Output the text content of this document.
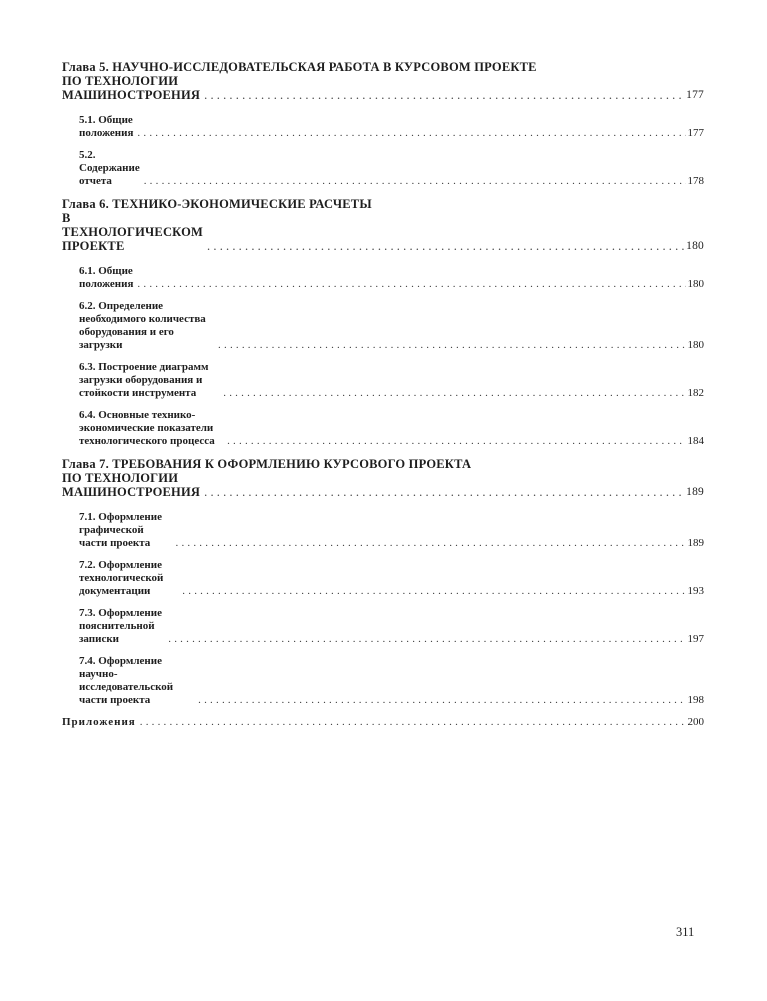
Глава 5. НАУЧНО-ИССЛЕДОВАТЕЛЬСКАЯ РАБОТА В КУРСОВОМ ПРОЕКТЕ
ПО ТЕХНОЛОГИИ МАШИНОСТРОЕНИЯ .....	177
5.1. Общие положения .....	177
5.2. Содержание отчета .....	178
Глава 6. ТЕХНИКО-ЭКОНОМИЧЕСКИЕ РАСЧЕТЫ
В ТЕХНОЛОГИЧЕСКОМ ПРОЕКТЕ .....	180
6.1. Общие положения .....	180
6.2. Определение необходимого количества оборудования и его загрузки .....	180
6.3. Построение диаграмм загрузки оборудования и стойкости инструмента .....	182
6.4. Основные технико-экономические показатели технологического процесса .....	184
Глава 7. ТРЕБОВАНИЯ К ОФОРМЛЕНИЮ КУРСОВОГО ПРОЕКТА
ПО ТЕХНОЛОГИИ МАШИНОСТРОЕНИЯ .....	189
7.1. Оформление графической части проекта .....	189
7.2. Оформление технологической документации .....	193
7.3. Оформление пояснительной записки .....	197
7.4. Оформление научно-исследовательской части проекта .....	198
Приложения .....	200
311
